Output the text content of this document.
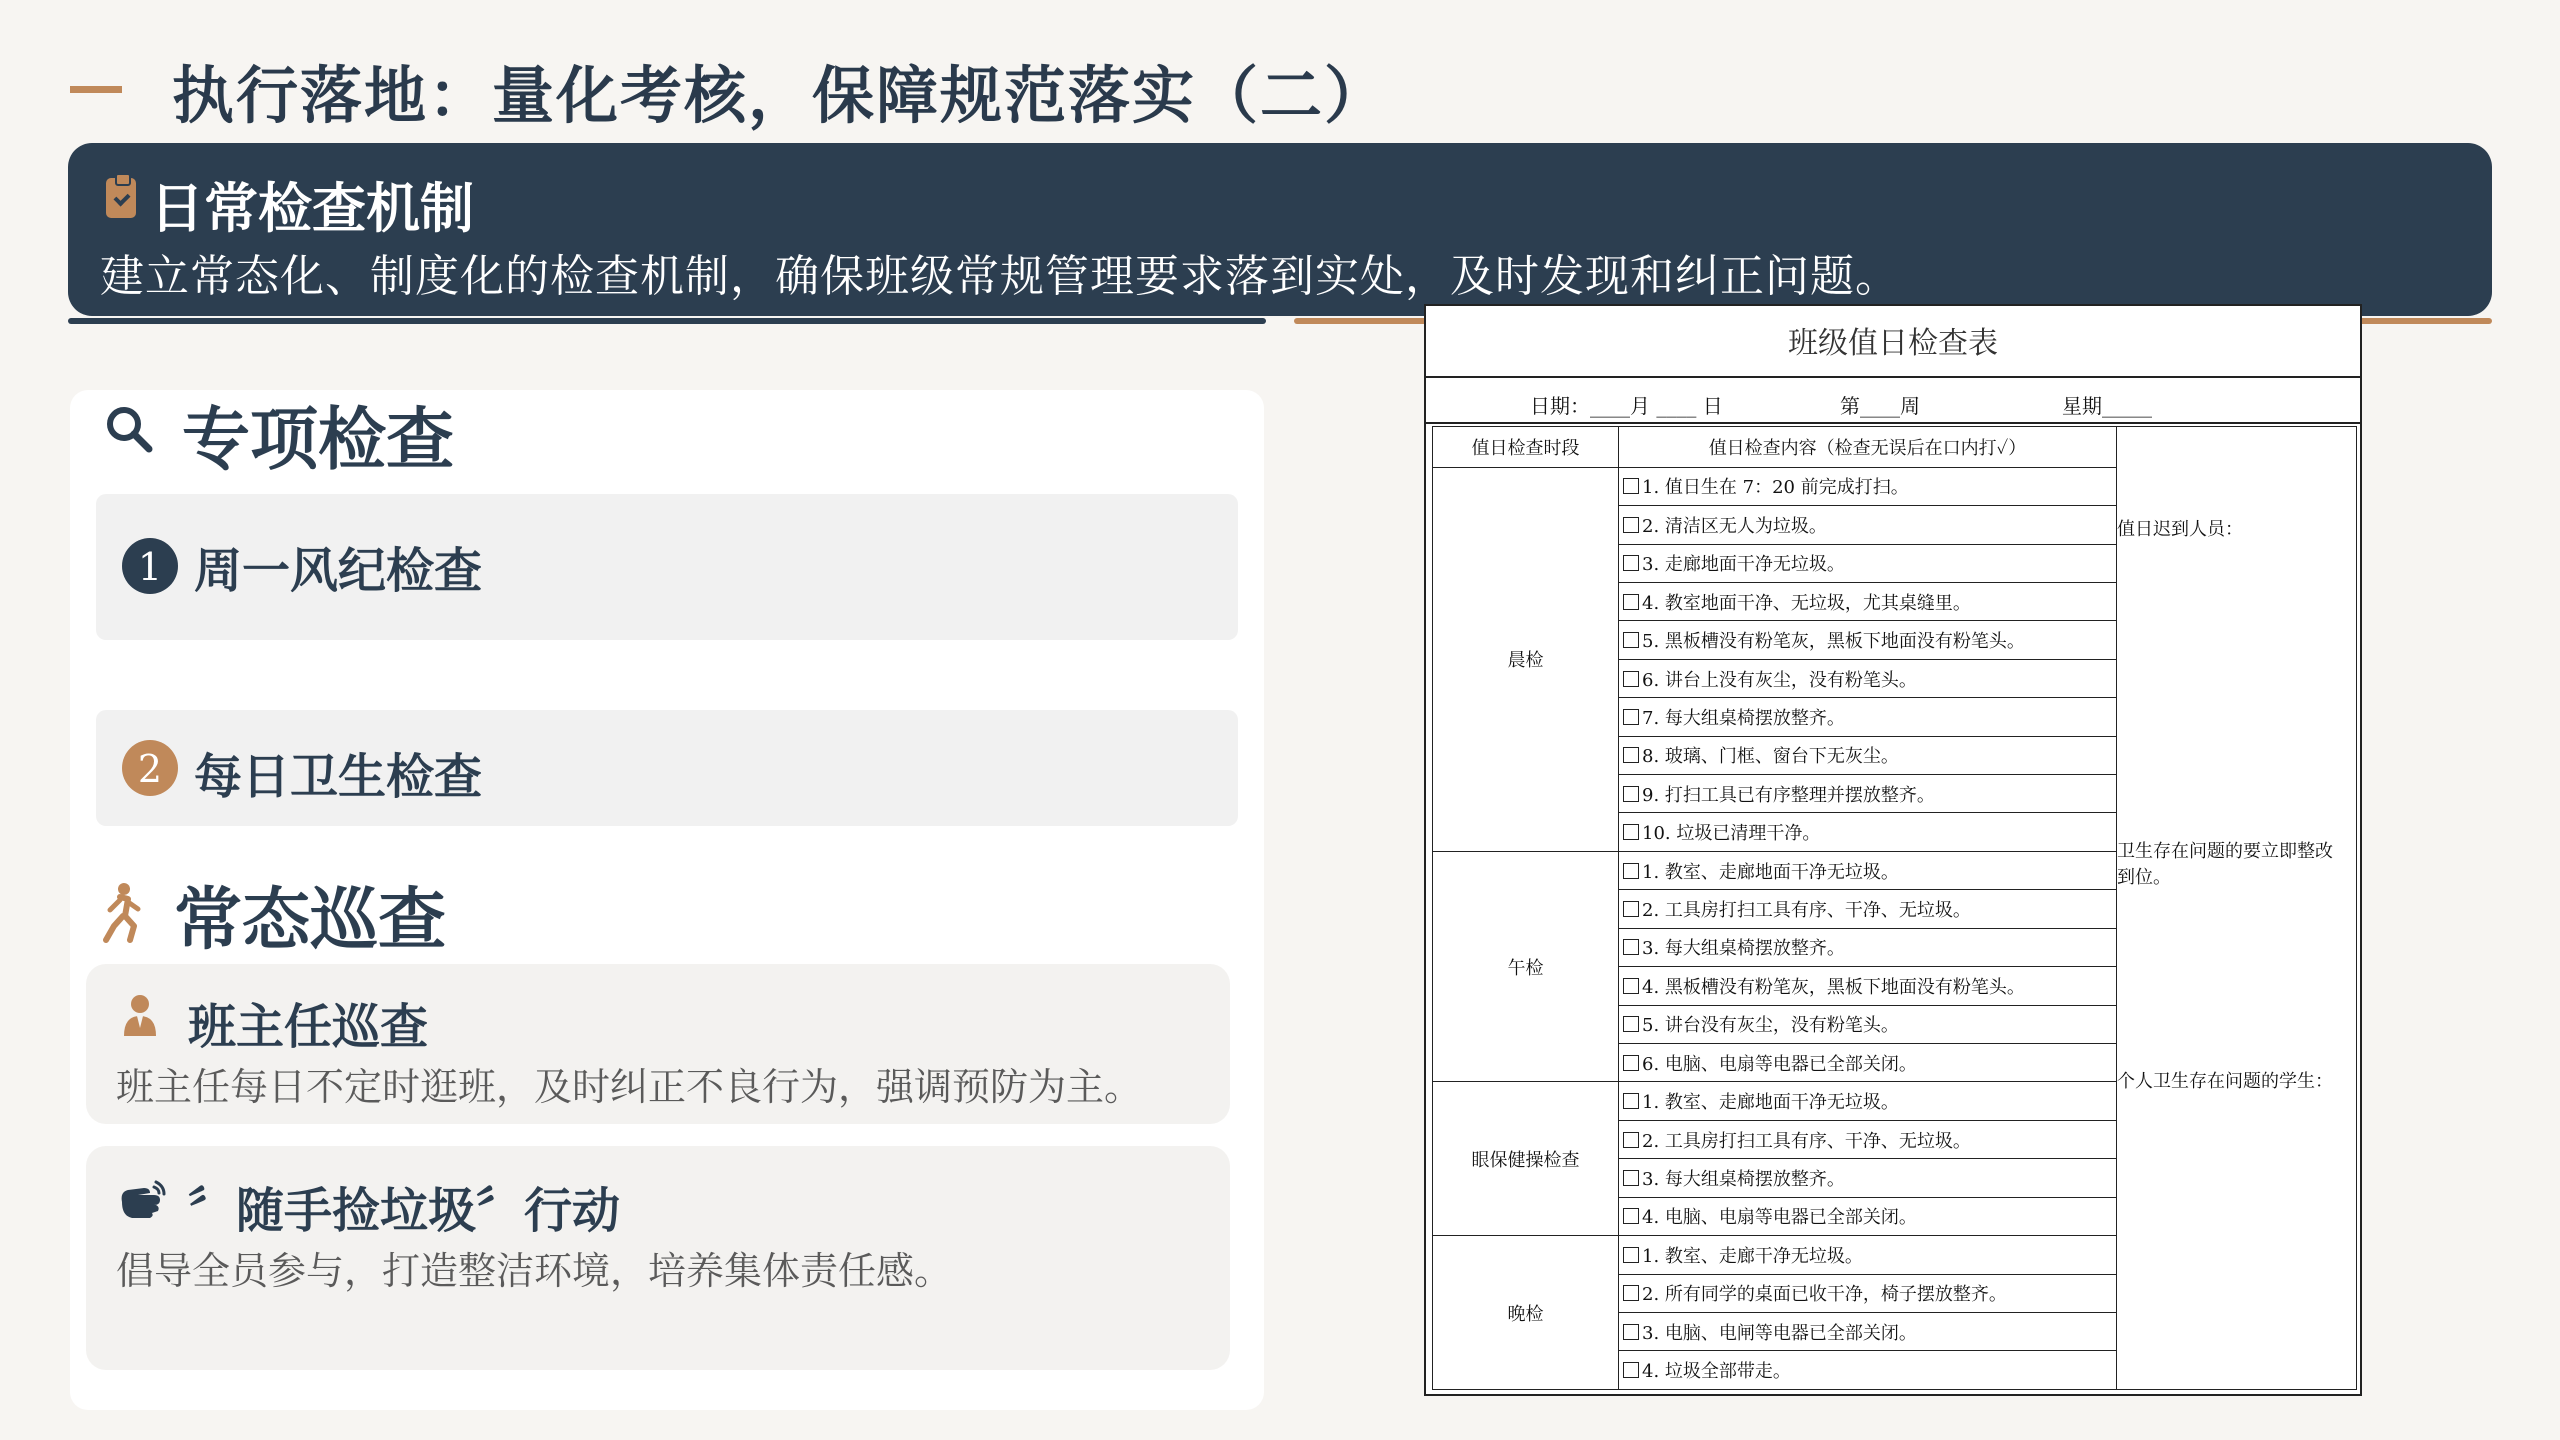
执行落地：量化考核，保障规范落实（二）
日常检查机制
建立常态化、制度化的检查机制，确保班级常规管理要求落到实处，及时发现和纠正问题。
专项检查
1 周一风纪检查
2 每日卫生检查
常态巡查
班主任巡查
班主任每日不定时逛班，及时纠正不良行为，强调预防为主。
〞随手捡垃圾〞行动
倡导全员参与，打造整洁环境，培养集体责任感。
班级值日检查表
日期：____月 ____ 日	第____周	星期_____
值日检查时段	值日检查内容（检查无误后在口内打✓）	值日迟到人员：
卫生存在问题的要立即整改到位。
个人卫生存在问题的学生：

晨检	1. 值日生在 7：20 前完成打扫。	
	2. 清洁区无人为垃圾。	
	3. 走廊地面干净无垃圾。	
	4. 教室地面干净、无垃圾，尤其桌缝里。	
	5. 黑板槽没有粉笔灰，黑板下地面没有粉笔头。	
	6. 讲台上没有灰尘，没有粉笔头。	
	7. 每大组桌椅摆放整齐。	
	8. 玻璃、门框、窗台下无灰尘。	
	9. 打扫工具已有序整理并摆放整齐。	
	10. 垃圾已清理干净。	
午检	1. 教室、走廊地面干净无垃圾。	
	2. 工具房打扫工具有序、干净、无垃圾。	
	3. 每大组桌椅摆放整齐。	
	4. 黑板槽没有粉笔灰，黑板下地面没有粉笔头。	
	5. 讲台没有灰尘，没有粉笔头。	
	6. 电脑、电扇等电器已全部关闭。	
眼保健操检查	1. 教室、走廊地面干净无垃圾。	
	2. 工具房打扫工具有序、干净、无垃圾。	
	3. 每大组桌椅摆放整齐。	
	4. 电脑、电扇等电器已全部关闭。	
晚检	1. 教室、走廊干净无垃圾。	
	2. 所有同学的桌面已收干净，椅子摆放整齐。	
	3. 电脑、电闸等电器已全部关闭。	
	4. 垃圾全部带走。	
